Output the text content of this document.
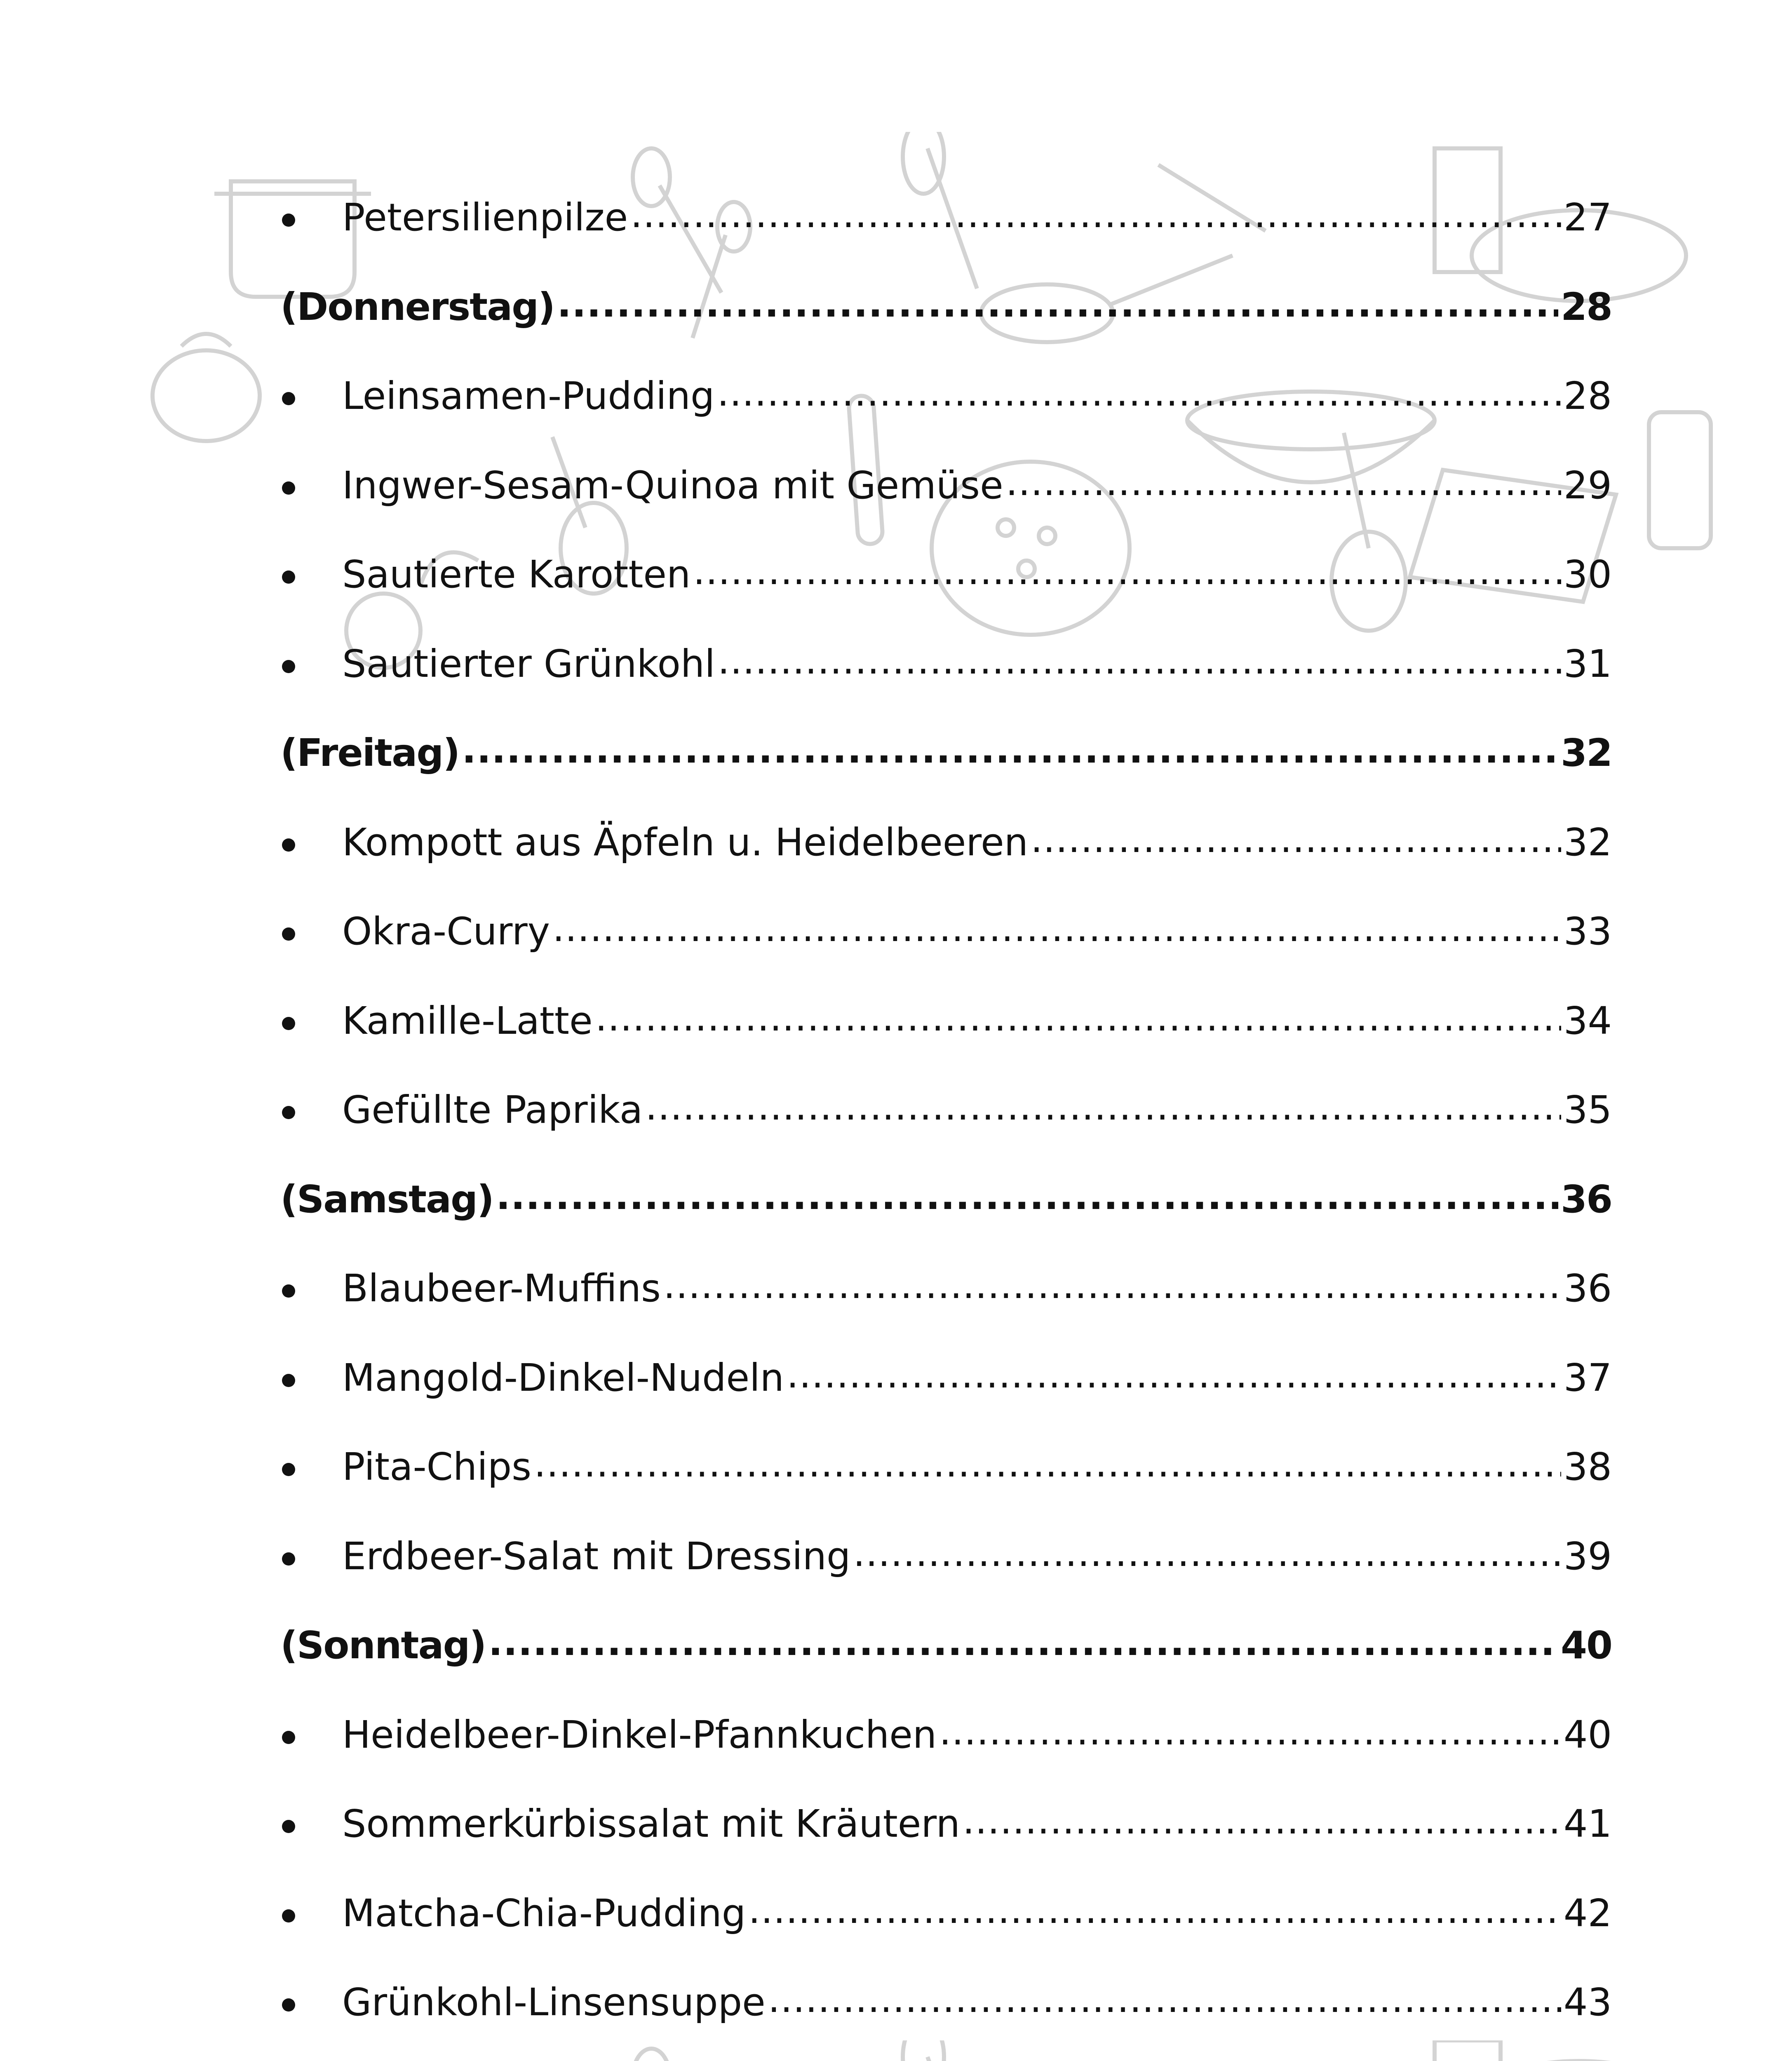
Petersilienpilze .....	27
(Donnerstag) .....	28
Leinsamen-Pudding .....	28
Ingwer-Sesam-Quinoa mit Gemüse .....	29
Sautierte Karotten .....	30
Sautierter Grünkohl .....	31
(Freitag) .....	32
Kompott aus Äpfeln u. Heidelbeeren .....	32
Okra-Curry .....	33
Kamille-Latte .....	34
Gefüllte Paprika .....	35
(Samstag) .....	36
Blaubeer-Muffins .....	36
Mangold-Dinkel-Nudeln .....	37
Pita-Chips .....	38
Erdbeer-Salat mit Dressing .....	39
(Sonntag) .....	40
Heidelbeer-Dinkel-Pfannkuchen .....	40
Sommerkürbissalat mit Kräutern .....	41
Matcha-Chia-Pudding .....	42
Grünkohl-Linsensuppe .....	43
